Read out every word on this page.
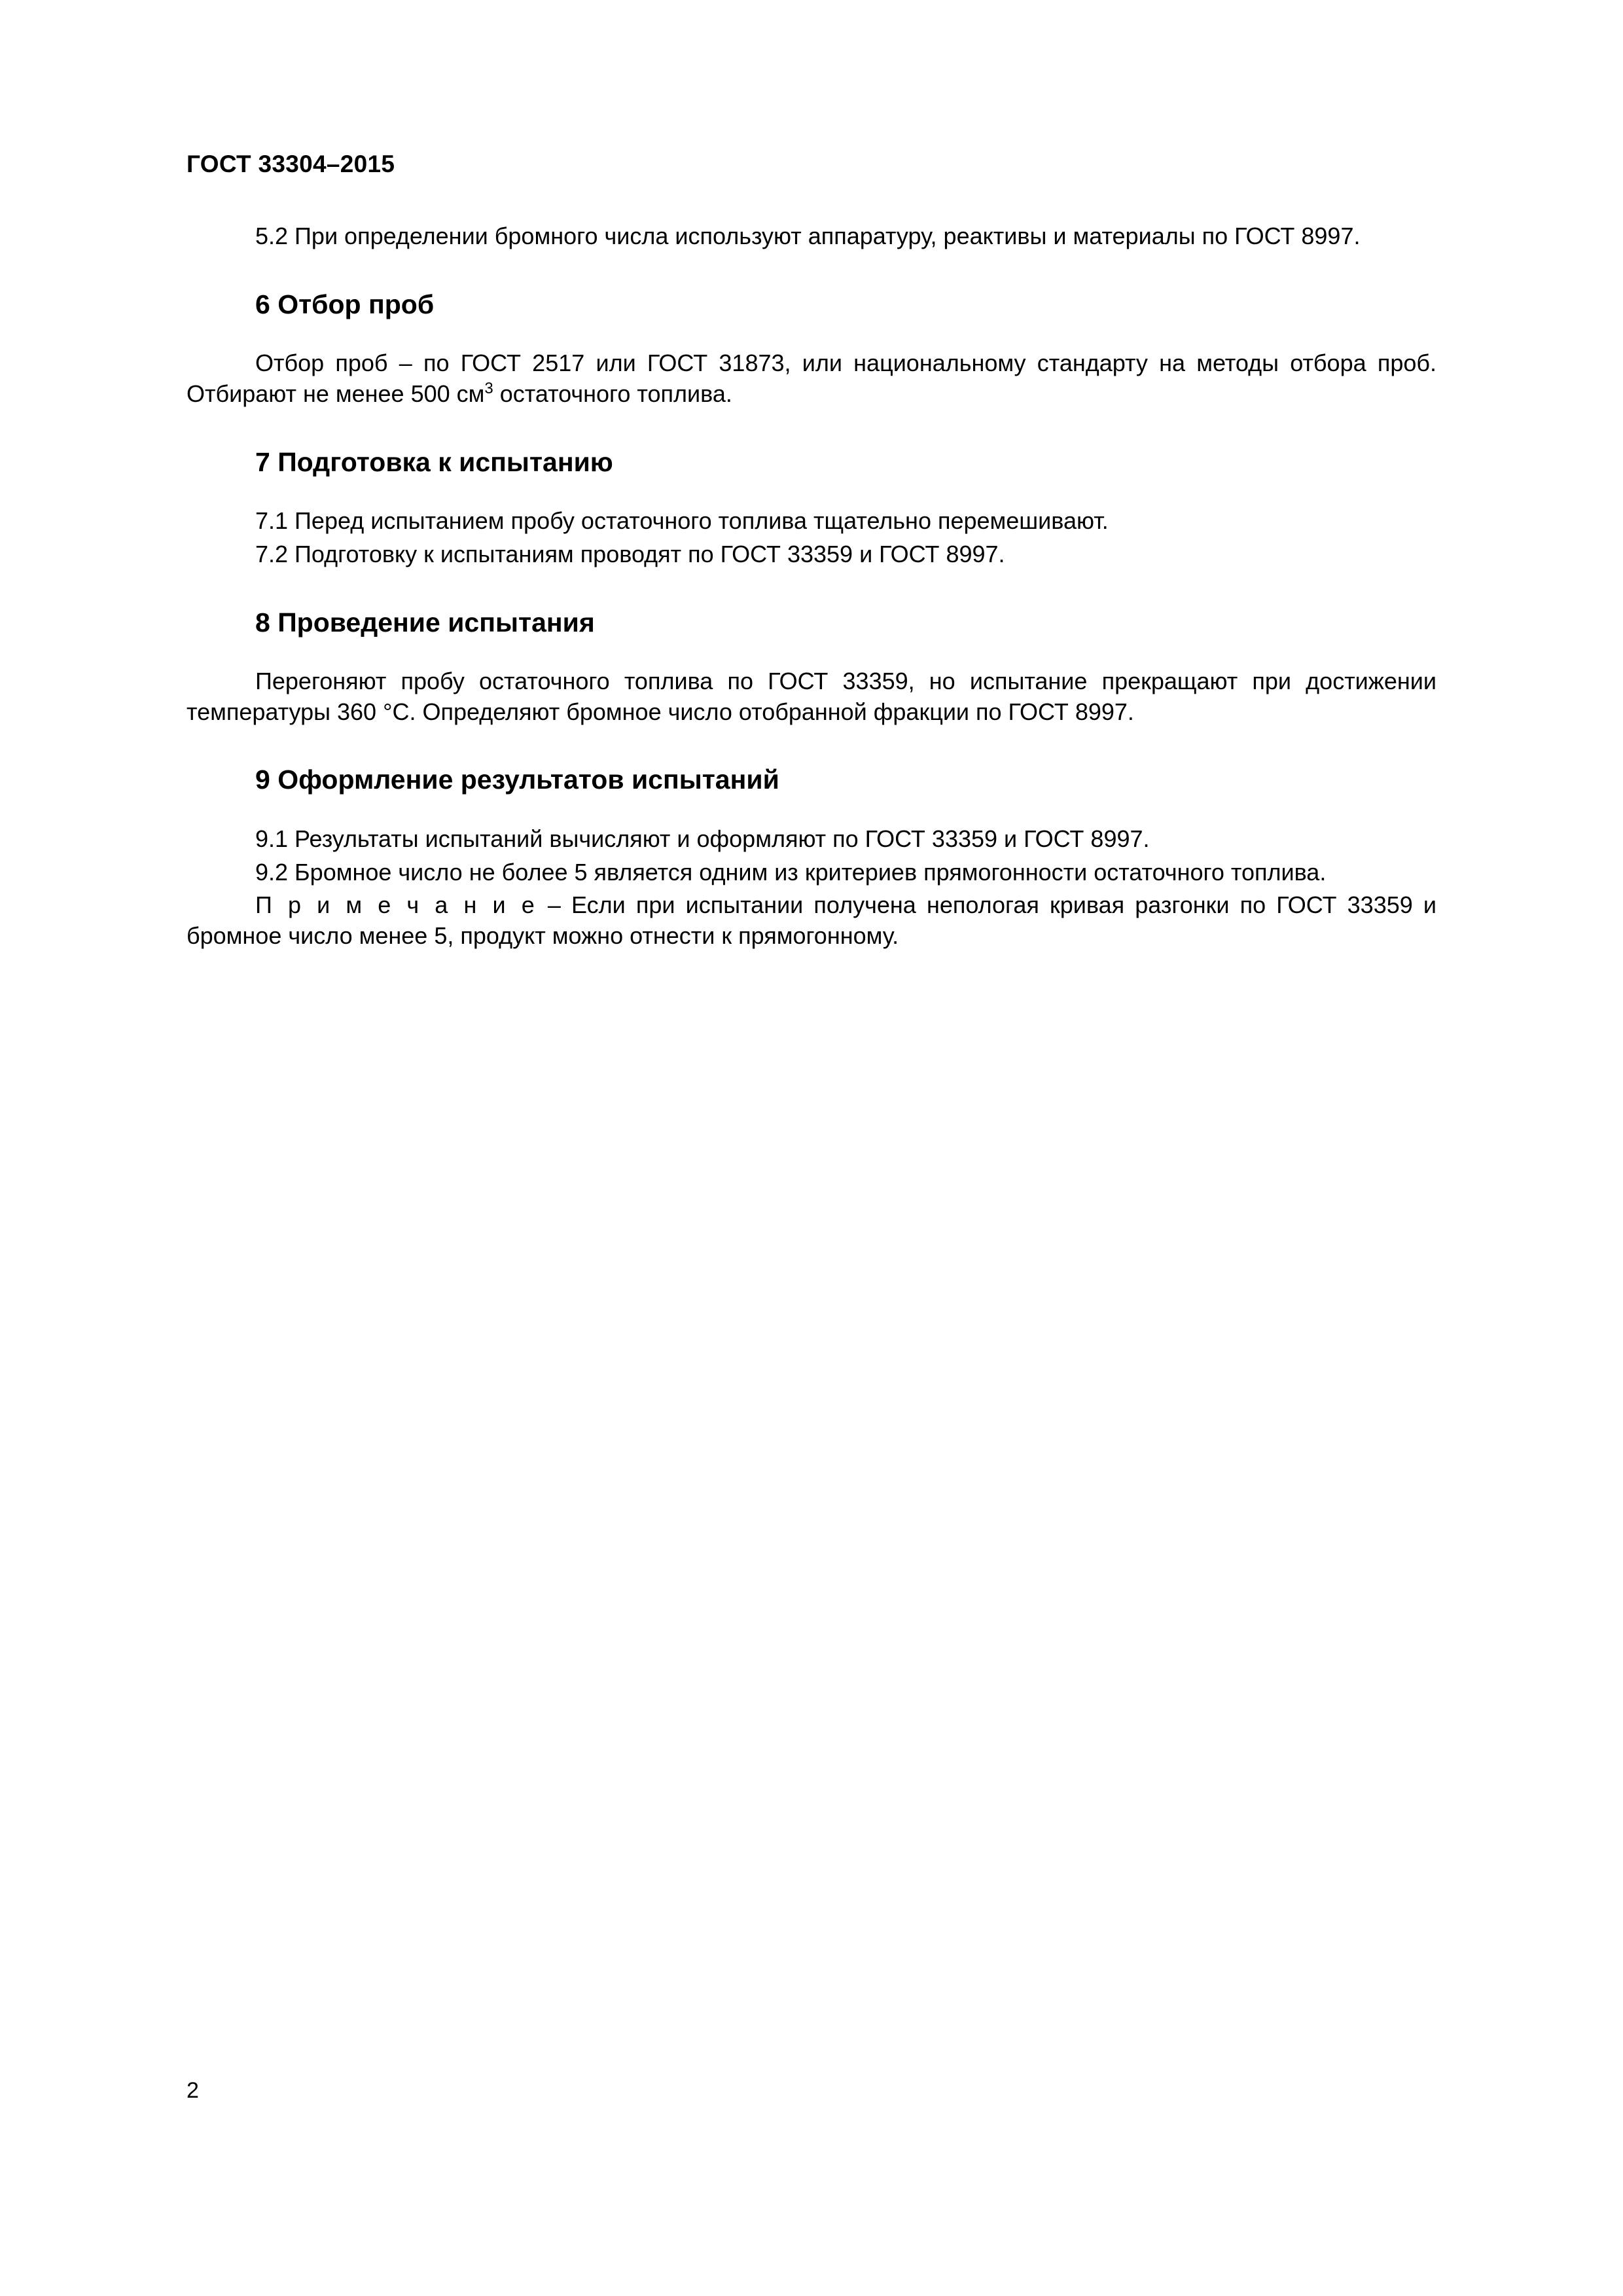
ГОСТ 33304–2015

5.2 При определении бромного числа используют аппаратуру, реактивы и материалы по ГОСТ 8997.

6 Отбор проб

Отбор проб – по ГОСТ 2517 или ГОСТ 31873, или национальному стандарту на методы отбора проб. Отбирают не менее 500 $см^3$ остаточного топлива.

7 Подготовка к испытанию

7.1 Перед испытанием пробу остаточного топлива тщательно перемешивают.

7.2 Подготовку к испытаниям проводят по ГОСТ 33359 и ГОСТ 8997.

8 Проведение испытания

Перегоняют пробу остаточного топлива по ГОСТ 33359, но испытание прекращают при достижении температуры 360 °С. Определяют бромное число отобранной фракции по ГОСТ 8997.

9 Оформление результатов испытаний

9.1 Результаты испытаний вычисляют и оформляют по ГОСТ 33359 и ГОСТ 8997.

9.2 Бромное число не более 5 является одним из критериев прямогонности остаточного топлива.

П р и м е ч а н и е – Если при испытании получена непологая кривая разгонки по ГОСТ 33359 и бромное число менее 5, продукт можно отнести к прямогонному.

2
